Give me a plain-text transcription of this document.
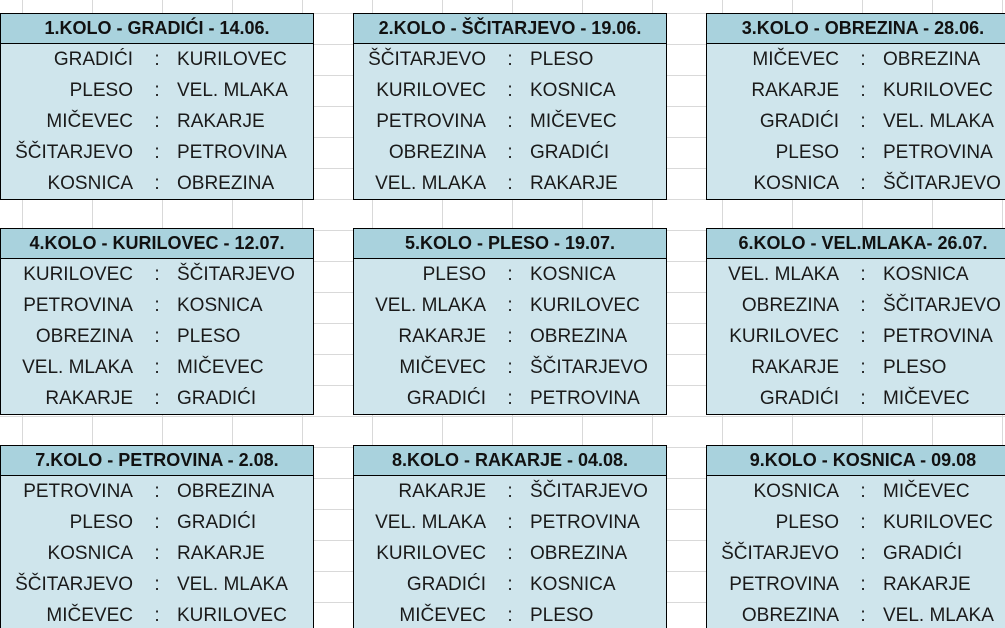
1.KOLO - GRADIĆI - 14.06.
GRADIĆI	: KURILOVEC
PLESO	: VEL. MLAKA
MIČEVEC	: RAKARJE
ŠČITARJEVO	: PETROVINA
KOSNICA	: OBREZINA
2.KOLO - ŠČITARJEVO - 19.06.
ŠČITARJEVO	: PLESO
KURILOVEC	: KOSNICA
PETROVINA	: MIČEVEC
OBREZINA	: GRADIĆI
VEL. MLAKA	: RAKARJE
3.KOLO - OBREZINA - 28.06.
MIČEVEC	: OBREZINA
RAKARJE	: KURILOVEC
GRADIĆI	: VEL. MLAKA
PLESO	: PETROVINA
KOSNICA	: ŠČITARJEVO
4.KOLO - KURILOVEC - 12.07.
KURILOVEC	: ŠČITARJEVO
PETROVINA	: KOSNICA
OBREZINA	: PLESO
VEL. MLAKA	: MIČEVEC
RAKARJE	: GRADIĆI
5.KOLO - PLESO - 19.07.
PLESO	: KOSNICA
VEL. MLAKA	: KURILOVEC
RAKARJE	: OBREZINA
MIČEVEC	: ŠČITARJEVO
GRADIĆI	: PETROVINA
6.KOLO - VEL.MLAKA- 26.07.
VEL. MLAKA	: KOSNICA
OBREZINA	: ŠČITARJEVO
KURILOVEC	: PETROVINA
RAKARJE	: PLESO
GRADIĆI	: MIČEVEC
7.KOLO - PETROVINA - 2.08.
PETROVINA	: OBREZINA
PLESO	: GRADIĆI
KOSNICA	: RAKARJE
ŠČITARJEVO	: VEL. MLAKA
MIČEVEC	: KURILOVEC
8.KOLO - RAKARJE - 04.08.
RAKARJE	: ŠČITARJEVO
VEL. MLAKA	: PETROVINA
KURILOVEC	: OBREZINA
GRADIĆI	: KOSNICA
MIČEVEC	: PLESO
9.KOLO - KOSNICA - 09.08
KOSNICA	: MIČEVEC
PLESO	: KURILOVEC
ŠČITARJEVO	: GRADIĆI
PETROVINA	: RAKARJE
OBREZINA	: VEL. MLAKA
